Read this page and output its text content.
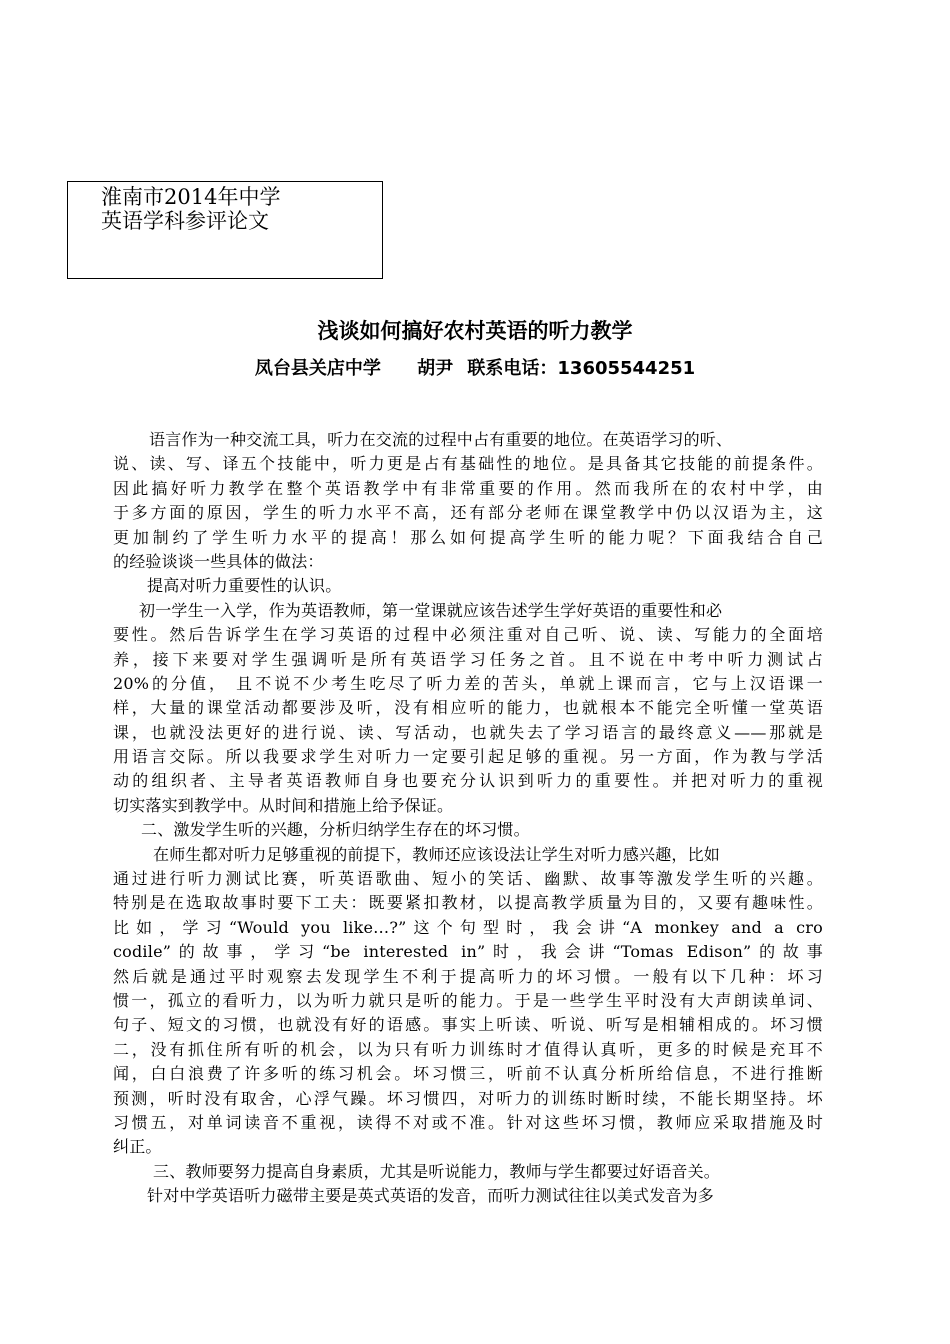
淮南市2014年中学
英语学科参评论文
浅谈如何搞好农村英语的听力教学
凤台县关店中学 胡尹 联系电话：13605544251
语言作为一种交流工具，听力在交流的过程中占有重要的地位。在英语学习的听、
说、读、写、译五个技能中，听力更是占有基础性的地位。是具备其它技能的前提条件。
因此搞好听力教学在整个英语教学中有非常重要的作用。然而我所在的农村中学，由
于多方面的原因，学生的听力水平不高，还有部分老师在课堂教学中仍以汉语为主，这
更加制约了学生听力水平的提高！那么如何提高学生听的能力呢？下面我结合自己
的经验谈谈一些具体的做法：
提高对听力重要性的认识。
初一学生一入学，作为英语教师，第一堂课就应该告述学生学好英语的重要性和必
要性。然后告诉学生在学习英语的过程中必须注重对自己听、说、读、写能力的全面培
养，接下来要对学生强调听是所有英语学习任务之首。且不说在中考中听力测试占
20%的分值， 且不说不少考生吃尽了听力差的苦头，单就上课而言，它与上汉语课一
样，大量的课堂活动都要涉及听，没有相应听的能力，也就根本不能完全听懂一堂英语
课，也就没法更好的进行说、读、写活动，也就失去了学习语言的最终意义——那就是
用语言交际。所以我要求学生对听力一定要引起足够的重视。另一方面，作为教与学活
动的组织者、主导者英语教师自身也要充分认识到听力的重要性。并把对听力的重视
切实落实到教学中。从时间和措施上给予保证。
二、激发学生听的兴趣，分析归纳学生存在的坏习惯。
在师生都对听力足够重视的前提下，教师还应该设法让学生对听力感兴趣，比如
通过进行听力测试比赛，听英语歌曲、短小的笑话、幽默、故事等激发学生听的兴趣。
特别是在选取故事时要下工夫：既要紧扣教材，以提高教学质量为目的，又要有趣味性。
比如，学习“Would you like…?”这个句型时，我会讲“A monkey and a cro
codile”的故事，学习“be interested in”时，我会讲“Tomas Edison”的故事
然后就是通过平时观察去发现学生不利于提高听力的坏习惯。一般有以下几种：坏习
惯一，孤立的看听力，以为听力就只是听的能力。于是一些学生平时没有大声朗读单词、
句子、短文的习惯，也就没有好的语感。事实上听读、听说、听写是相辅相成的。坏习惯
二，没有抓住所有听的机会，以为只有听力训练时才值得认真听，更多的时候是充耳不
闻，白白浪费了许多听的练习机会。坏习惯三，听前不认真分析所给信息，不进行推断
预测，听时没有取舍，心浮气躁。坏习惯四，对听力的训练时断时续，不能长期坚持。坏
习惯五，对单词读音不重视，读得不对或不准。针对这些坏习惯，教师应采取措施及时
纠正。
三、教师要努力提高自身素质，尤其是听说能力，教师与学生都要过好语音关。
针对中学英语听力磁带主要是英式英语的发音，而听力测试往往以美式发音为多
